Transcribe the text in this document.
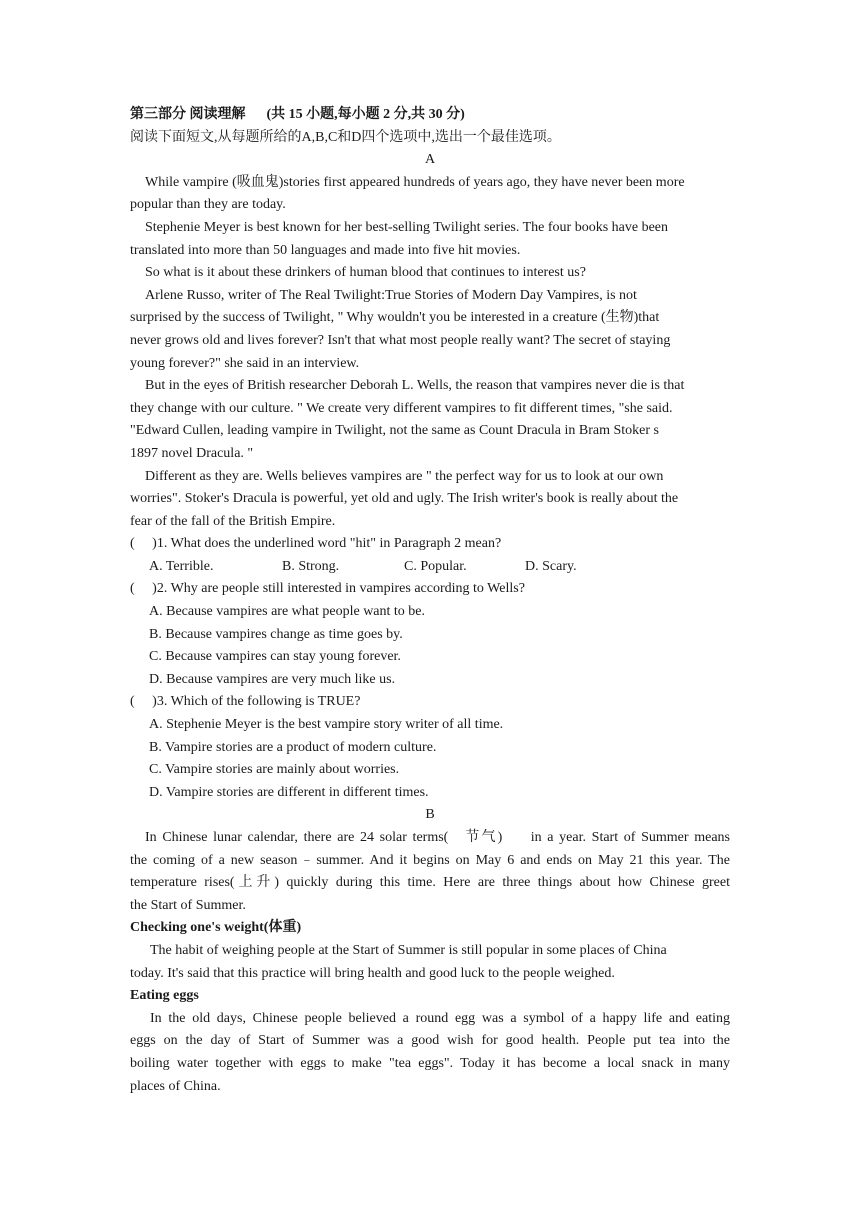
第三部分 阅读理解 (共 15 小题,每小题 2 分,共 30 分)
阅读下面短文,从每题所给的A,B,C和D四个选项中,选出一个最佳选项。
A
While vampire (吸血鬼)stories first appeared hundreds of years ago, they have never been more
popular than they are today.
Stephenie Meyer is best known for her best-selling Twilight series. The four books have been
translated into more than 50 languages and made into five hit movies.
So what is it about these drinkers of human blood that continues to interest us?
Arlene Russo, writer of The Real Twilight:True Stories of Modern Day Vampires, is not
surprised by the success of Twilight, " Why wouldn't you be interested in a creature (生物)that
never grows old and lives forever? Isn't that what most people really want? The secret of staying
young forever?" she said in an interview.
But in the eyes of British researcher Deborah L. Wells, the reason that vampires never die is that
they change with our culture. " We create very different vampires to fit different times, "she said.
"Edward Cullen, leading vampire in Twilight, not the same as Count Dracula in Bram Stoker s
1897 novel Dracula. "
Different as they are. Wells believes vampires are " the perfect way for us to look at our own
worries". Stoker's Dracula is powerful, yet old and ugly. The Irish writer's book is really about the
fear of the fall of the British Empire.
(     )1. What does the underlined word "hit" in Paragraph 2 mean?
A. Terrible.	B. Strong.	C. Popular.	D. Scary.
(     )2. Why are people still interested in vampires according to Wells?
A. Because vampires are what people want to be.
B. Because vampires change as time goes by.
C. Because vampires can stay young forever.
D. Because vampires are very much like us.
(     )3. Which of the following is TRUE?
A. Stephenie Meyer is the best vampire story writer of all time.
B. Vampire stories are a product of modern culture.
C. Vampire stories are mainly about worries.
D. Vampire stories are different in different times.
B
In Chinese lunar calendar, there are 24 solar terms(   节气)     in a year. Start of Summer means
the coming of a new season﹣summer. And it begins on May 6 and ends on May 21 this year. The
temperature rises(上升) quickly during this time. Here are three things about how Chinese greet
the Start of Summer.
Checking one's weight(体重)
The habit of weighing people at the Start of Summer is still popular in some places of China
today. It's said that this practice will bring health and good luck to the people weighed.
Eating eggs
In the old days, Chinese people believed a round egg was a symbol of a happy life and eating
eggs on the day of Start of Summer was a good wish for good health. People put tea into the
boiling water together with eggs to make "tea eggs". Today it has become a local snack in many
places of China.
